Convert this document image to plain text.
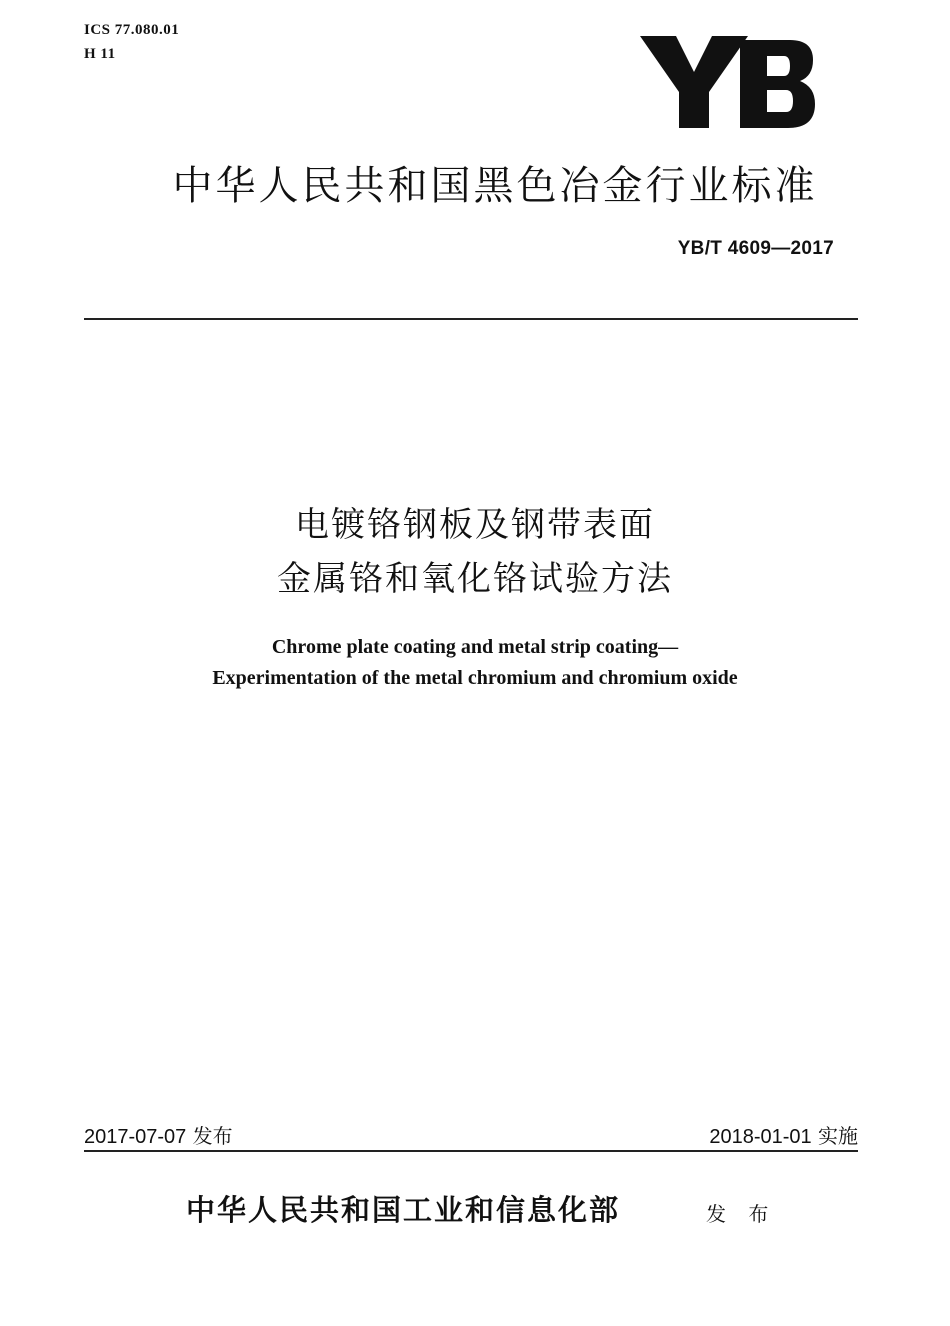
ICS 77.080.01
H 11
中华人民共和国黑色冶金行业标准
YB/T 4609—2017
电镀铬钢板及钢带表面
金属铬和氧化铬试验方法
Chrome plate coating and metal strip coating—
Experimentation of the metal chromium and chromium oxide
2017-07-07 发布	2018-01-01 实施
中华人民共和国工业和信息化部	发 布
